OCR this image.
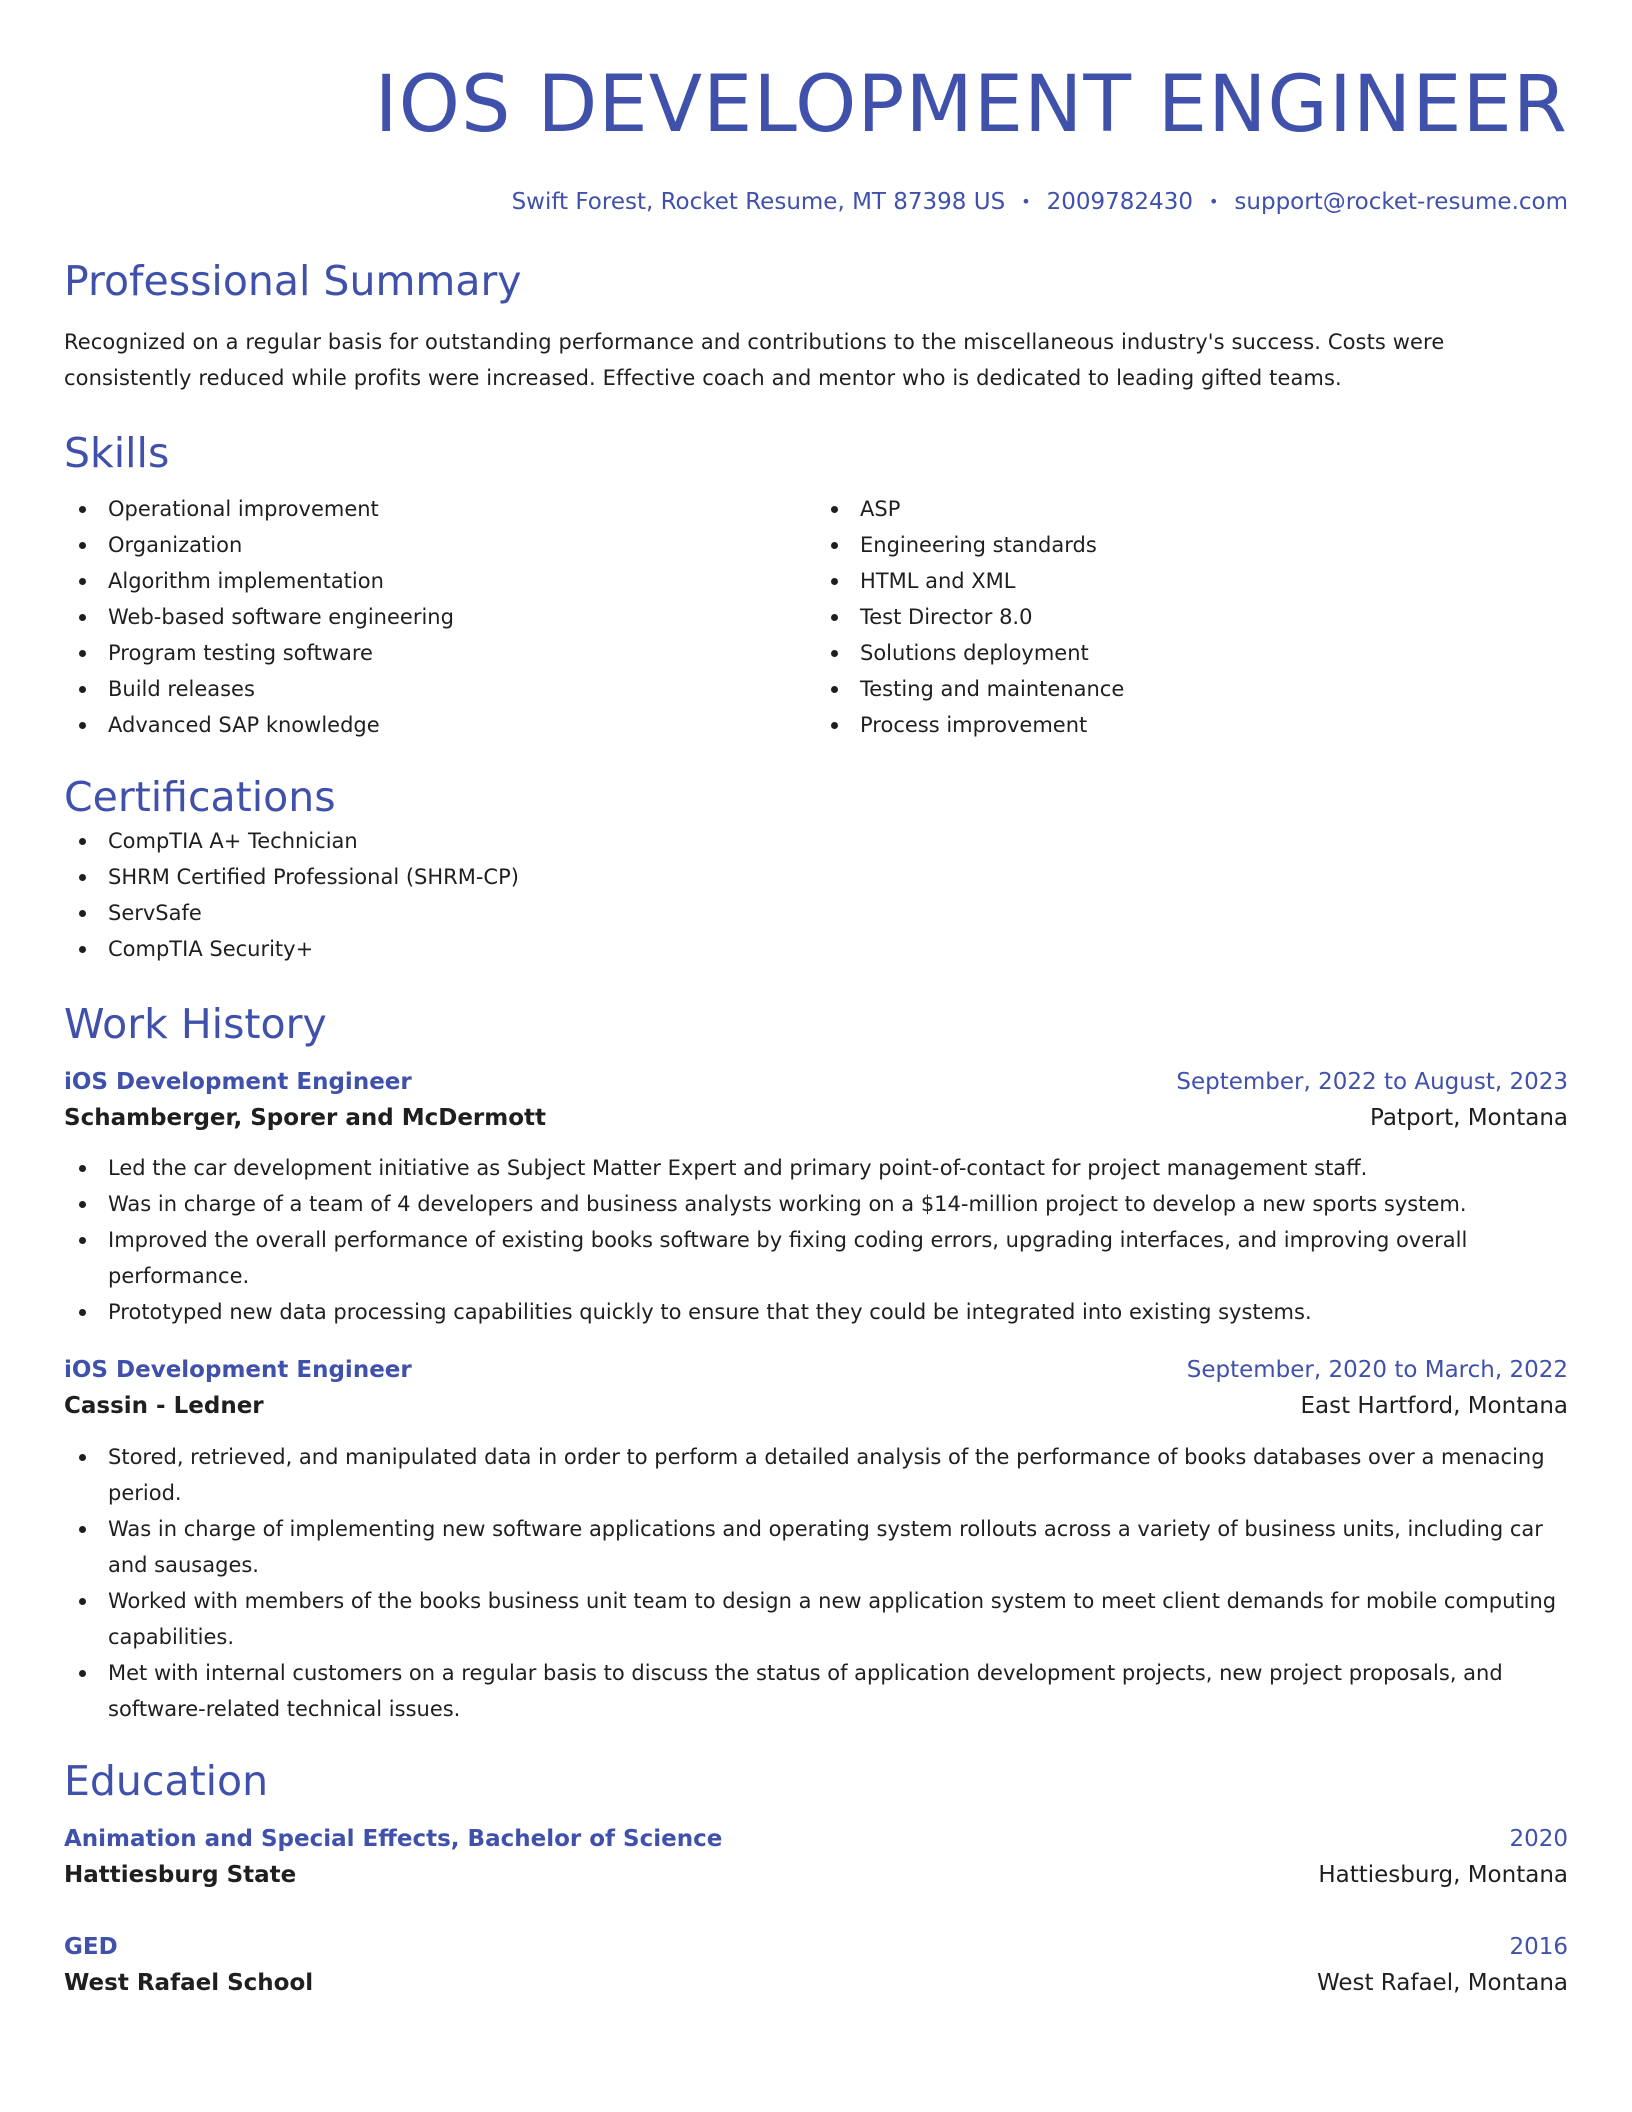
IOS DEVELOPMENT ENGINEER
Swift Forest, Rocket Resume, MT 87398 US • 2009782430 • support@rocket-resume.com
Professional Summary
Recognized on a regular basis for outstanding performance and contributions to the miscellaneous industry's success. Costs were consistently reduced while profits were increased. Effective coach and mentor who is dedicated to leading gifted teams.
Skills
Operational improvement
Organization
Algorithm implementation
Web-based software engineering
Program testing software
Build releases
Advanced SAP knowledge
ASP
Engineering standards
HTML and XML
Test Director 8.0
Solutions deployment
Testing and maintenance
Process improvement
Certifications
CompTIA A+ Technician
SHRM Certified Professional (SHRM-CP)
ServSafe
CompTIA Security+
Work History
iOS Development Engineer	September, 2022 to August, 2023
Schamberger, Sporer and McDermott	Patport, Montana
Led the car development initiative as Subject Matter Expert and primary point-of-contact for project management staff.
Was in charge of a team of 4 developers and business analysts working on a $14-million project to develop a new sports system.
Improved the overall performance of existing books software by fixing coding errors, upgrading interfaces, and improving overall performance.
Prototyped new data processing capabilities quickly to ensure that they could be integrated into existing systems.
iOS Development Engineer	September, 2020 to March, 2022
Cassin - Ledner	East Hartford, Montana
Stored, retrieved, and manipulated data in order to perform a detailed analysis of the performance of books databases over a menacing period.
Was in charge of implementing new software applications and operating system rollouts across a variety of business units, including car and sausages.
Worked with members of the books business unit team to design a new application system to meet client demands for mobile computing capabilities.
Met with internal customers on a regular basis to discuss the status of application development projects, new project proposals, and software-related technical issues.
Education
Animation and Special Effects, Bachelor of Science	2020
Hattiesburg State	Hattiesburg, Montana
GED	2016
West Rafael School	West Rafael, Montana
